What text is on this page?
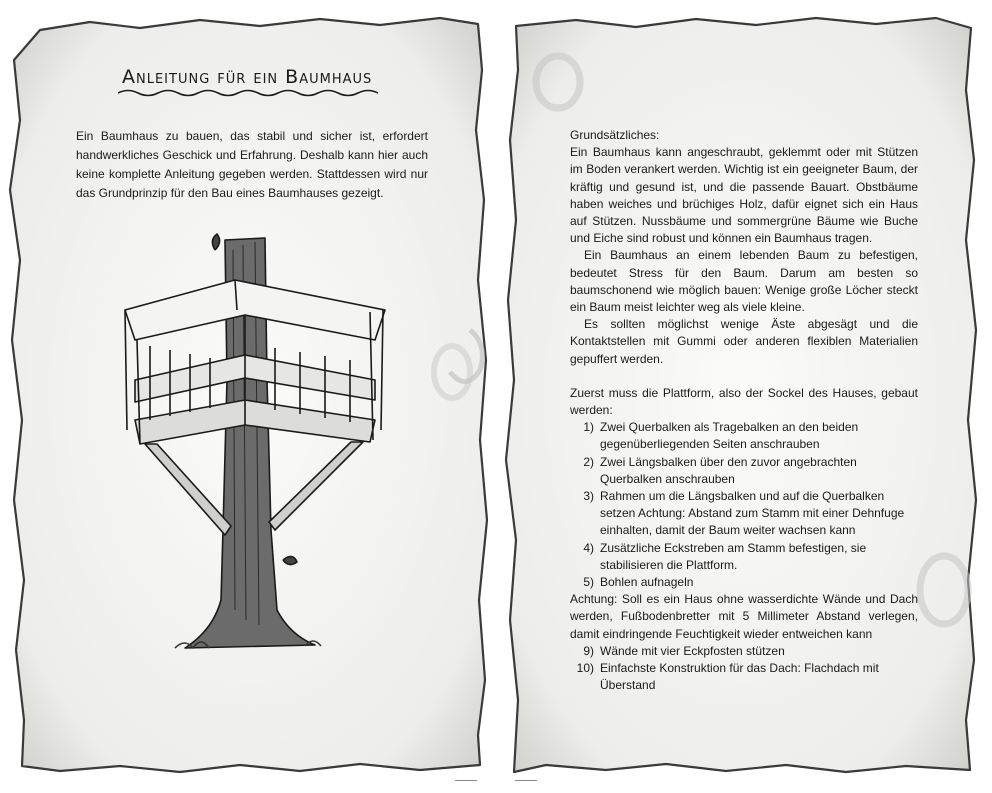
Anleitung für ein Baumhaus

Ein Baumhaus zu bauen, das stabil und sicher ist, erfordert handwerkliches Geschick und Erfahrung. Deshalb kann hier auch keine komplette Anleitung gegeben werden. Stattdessen wird nur das Grundprinzip für den Bau eines Baumhauses gezeigt.

Grundsätzliches:

Ein Baumhaus kann angeschraubt, geklemmt oder mit Stützen im Boden verankert werden. Wichtig ist ein geeigneter Baum, der kräftig und gesund ist, und die passende Bauart. Obstbäume haben weiches und brüchiges Holz, dafür eignet sich ein Haus auf Stützen. Nussbäume und sommergrüne Bäume wie Buche und Eiche sind robust und können ein Baumhaus tragen.

Ein Baumhaus an einem lebenden Baum zu befestigen, bedeutet Stress für den Baum. Darum am besten so baumschonend wie möglich bauen: Wenige große Löcher steckt ein Baum meist leichter weg als viele kleine.

Es sollten möglichst wenige Äste abgesägt und die Kontaktstellen mit Gummi oder anderen flexiblen Materialien gepuffert werden.

Zuerst muss die Plattform, also der Sockel des Hauses, gebaut werden:

1) Zwei Querbalken als Tragebalken an den beiden gegenüberliegenden Seiten anschrauben
2) Zwei Längsbalken über den zuvor angebrachten Querbalken anschrauben
3) Rahmen um die Längsbalken und auf die Querbalken setzen Achtung: Abstand zum Stamm mit einer Dehnfuge einhalten, damit der Baum weiter wachsen kann
4) Zusätzliche Eckstreben am Stamm befestigen, sie stabilisieren die Plattform.
5) Bohlen aufnageln

Achtung: Soll es ein Haus ohne wasserdichte Wände und Dach werden, Fußbodenbretter mit 5 Millimeter Abstand verlegen, damit eindringende Feuchtigkeit wieder entweichen kann

9) Wände mit vier Eckpfosten stützen
10) Einfachste Konstruktion für das Dach: Flachdach mit Überstand
